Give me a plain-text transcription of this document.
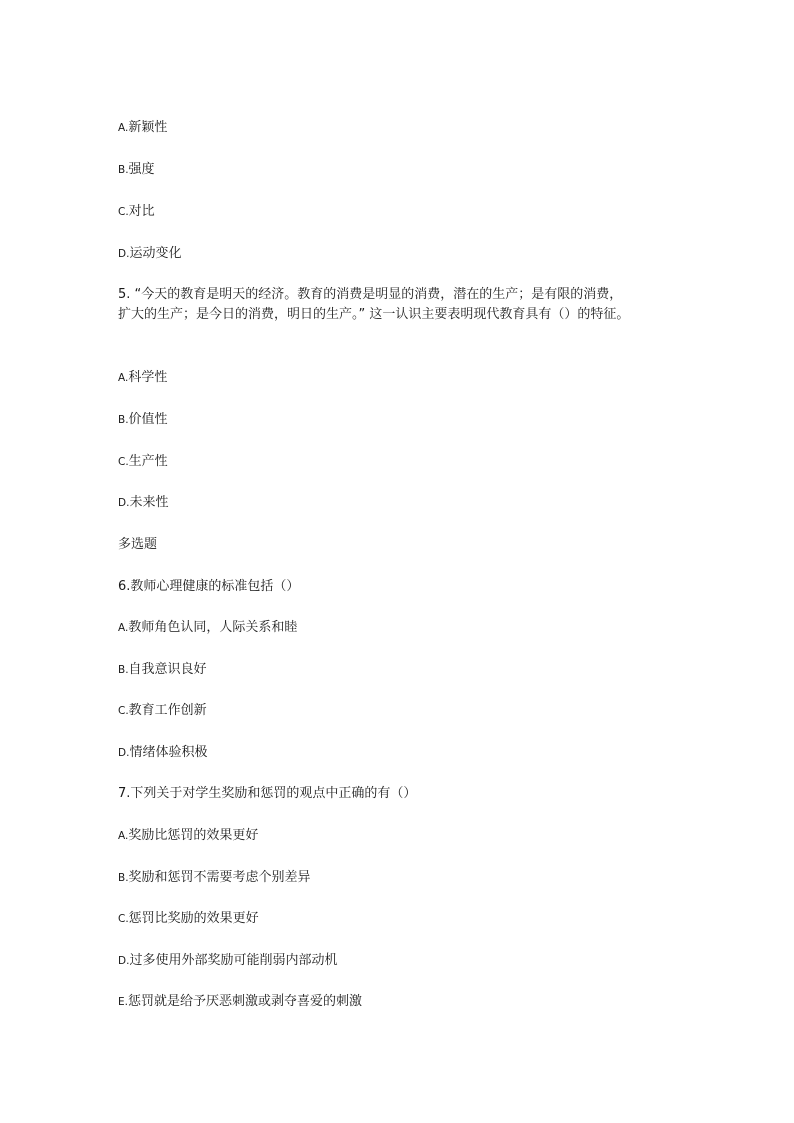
A.新颖性
B.强度
C.对比
D.运动变化
5. “今天的教育是明天的经济。教育的消费是明显的消费，潜在的生产；是有限的消费，
扩大的生产；是今日的消费，明日的生产。” 这一认识主要表明现代教育具有（）的特征。
A.科学性
B.价值性
C.生产性
D.未来性
多选题
6.教师心理健康的标准包括（）
A.教师角色认同，人际关系和睦
B.自我意识良好
C.教育工作创新
D.情绪体验积极
7.下列关于对学生奖励和惩罚的观点中正确的有（）
A.奖励比惩罚的效果更好
B.奖励和惩罚不需要考虑个别差异
C.惩罚比奖励的效果更好
D.过多使用外部奖励可能削弱内部动机
E.惩罚就是给予厌恶刺激或剥夺喜爱的刺激
